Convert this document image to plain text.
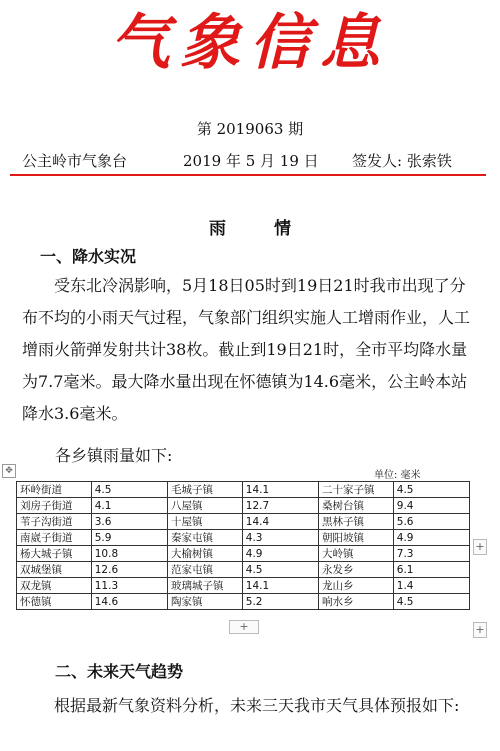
气象信息
第 2019063 期
公主岭市气象台	2019 年 5 月 19 日 签发人: 张索铁
雨情
一、降水实况
受东北冷涡影响，5月18日05时到19日21时我市出现了分布不均的小雨天气过程，气象部门组织实施人工增雨作业，人工增雨火箭弹发射共计38枚。截止到19日21时，全市平均降水量为7.7毫米。最大降水量出现在怀德镇为14.6毫米，公主岭本站降水3.6毫米。
各乡镇雨量如下:
✥	单位: 毫米
环岭街道	4.5	毛城子镇	14.1	二十家子镇	4.5
刘房子街道	4.1	八屋镇	12.7	桑树台镇	9.4
苇子沟街道	3.6	十屋镇	14.4	黑林子镇	5.6
南崴子街道	5.9	秦家屯镇	4.3	朝阳坡镇	4.9
杨大城子镇	10.8	大榆树镇	4.9	大岭镇	7.3
双城堡镇	12.6	范家屯镇	4.5	永发乡	6.1
双龙镇	11.3	玻璃城子镇	14.1	龙山乡	1.4
怀德镇	14.6	陶家镇	5.2	响水乡	4.5
+
+
+
二、未来天气趋势
根据最新气象资料分析，未来三天我市天气具体预报如下:
